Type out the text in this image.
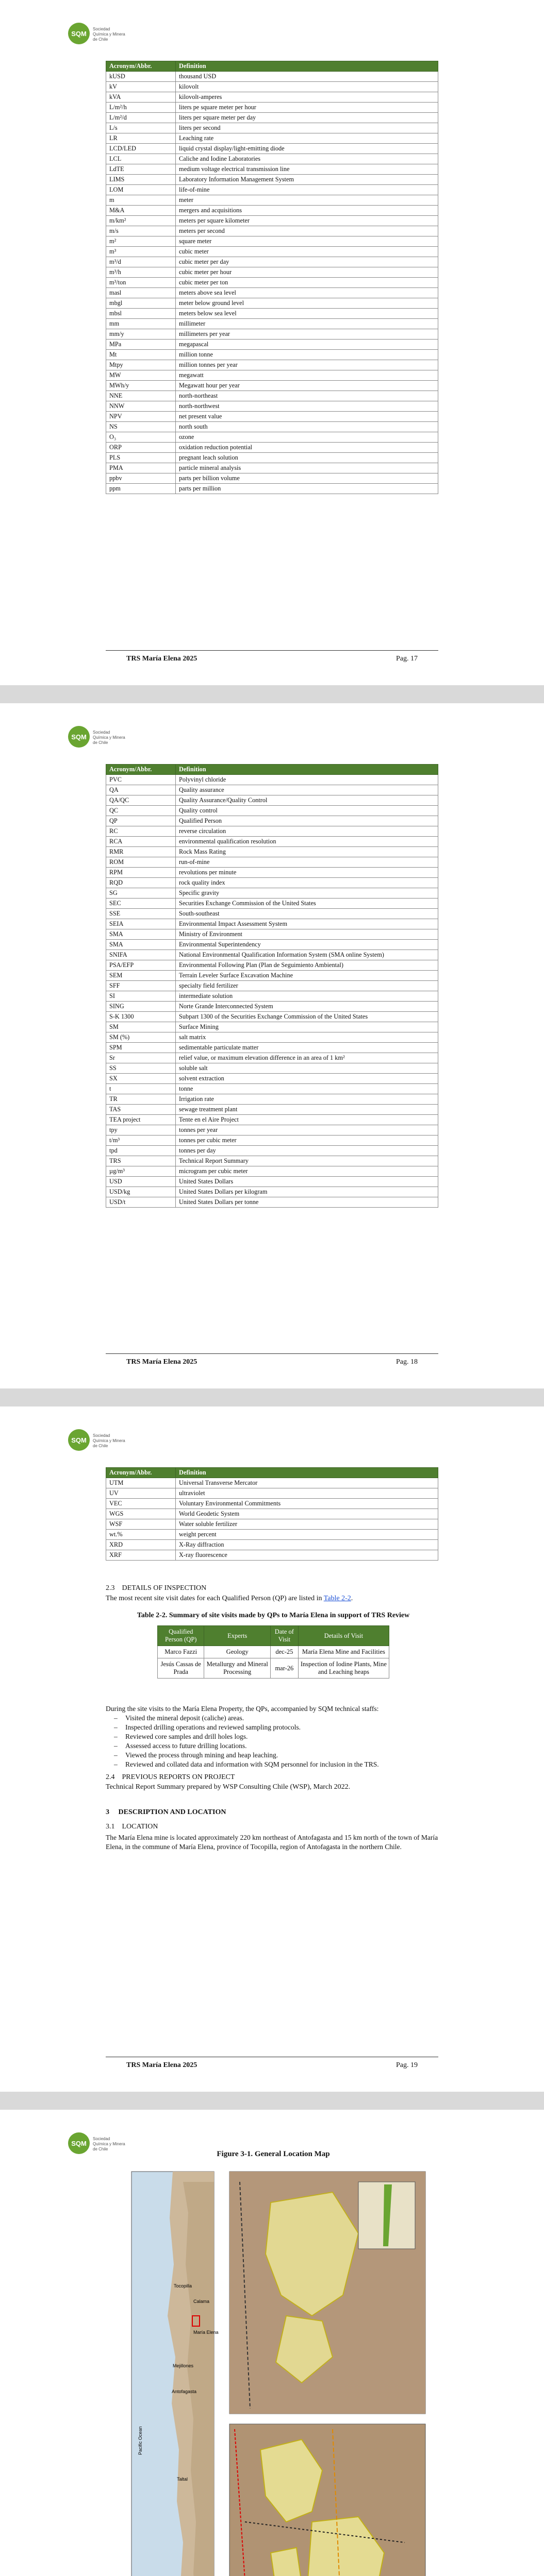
SQM
Sociedad
Química y Minera
de Chile
Acronym/Abbr.	Definition
kUSD	thousand USD
kV	kilovolt
kVA	kilovolt-amperes
L/m²/h	liters pe square meter per hour
L/m²/d	liters per square meter per day
L/s	liters per second
LR	Leaching rate
LCD/LED	liquid crystal display/light-emitting diode
LCL	Caliche and Iodine Laboratories
LdTE	medium voltage electrical transmission line
LIMS	Laboratory Information Management System
LOM	life-of-mine
m	meter
M&A	mergers and acquisitions
m/km²	meters per square kilometer
m/s	meters per second
m²	square meter
m³	cubic meter
m³/d	cubic meter per day
m³/h	cubic meter per hour
m³/ton	cubic meter per ton
masl	meters above sea level
mbgl	meter below ground level
mbsl	meters below sea level
mm	millimeter
mm/y	millimeters per year
MPa	megapascal
Mt	million tonne
Mtpy	million tonnes per year
MW	megawatt
MWh/y	Megawatt hour per year
NNE	north-northeast
NNW	north-northwest
NPV	net present value
NS	north south
O₃	ozone
ORP	oxidation reduction potential
PLS	pregnant leach solution
PMA	particle mineral analysis
ppbv	parts per billion volume
ppm	parts per million
TRS María Elena 2025	Pag. 17
SQM
Sociedad
Química y Minera
de Chile
Acronym/Abbr.	Definition
PVC	Polyvinyl chloride
QA	Quality assurance
QA/QC	Quality Assurance/Quality Control
QC	Quality control
QP	Qualified Person
RC	reverse circulation
RCA	environmental qualification resolution
RMR	Rock Mass Rating
ROM	run-of-mine
RPM	revolutions per minute
RQD	rock quality index
SG	Specific gravity
SEC	Securities Exchange Commission of the United States
SSE	South-southeast
SEIA	Environmental Impact Assessment System
SMA	Ministry of Environment
SMA	Environmental Superintendency
SNIFA	National Environmental Qualification Information System (SMA online System)
PSA/EFP	Environmental Following Plan (Plan de Seguimiento Ambiental)
SEM	Terrain Leveler Surface Excavation Machine
SFF	specialty field fertilizer
SI	intermediate solution
SING	Norte Grande Interconnected System
S-K 1300	Subpart 1300 of the Securities Exchange Commission of the United States
SM	Surface Mining
SM (%)	salt matrix
SPM	sedimentable particulate matter
Sr	relief value, or maximum elevation difference in an area of 1 km²
SS	soluble salt
SX	solvent extraction
t	tonne
TR	Irrigation rate
TAS	sewage treatment plant
TEA project	Tente en el Aire Project
tpy	tonnes per year
t/m³	tonnes per cubic meter
tpd	tonnes per day
TRS	Technical Report Summary
µg/m³	microgram per cubic meter
USD	United States Dollars
USD/kg	United States Dollars per kilogram
USD/t	United States Dollars per tonne
TRS María Elena 2025	Pag. 18
SQM
Sociedad
Química y Minera
de Chile
Acronym/Abbr.	Definition
UTM	Universal Transverse Mercator
UV	ultraviolet
VEC	Voluntary Environmental Commitments
WGS	World Geodetic System
WSF	Water soluble fertilizer
wt.%	weight percent
XRD	X-Ray diffraction
XRF	X-ray fluorescence
2.3    DETAILS OF INSPECTION
The most recent site visit dates for each Qualified Person (QP) are listed in Table 2-2.
Table 2-2. Summary of site visits made by QPs to María Elena in support of TRS Review
Qualified Person (QP)	Experts	Date of Visit	Details of Visit
Marco Fazzi	Geology	dec-25	María Elena Mine and Facilities
Jesús Cassas de Prada	Metallurgy and Mineral Processing	mar-26	Inspection of Iodine Plants, Mine and Leaching heaps
During the site visits to the María Elena Property, the QPs, accompanied by SQM technical staffs:
– Visited the mineral deposit (caliche) areas.
– Inspected drilling operations and reviewed sampling protocols.
– Reviewed core samples and drill holes logs.
– Assessed access to future drilling locations.
– Viewed the process through mining and heap leaching.
– Reviewed and collated data and information with SQM personnel for inclusion in the TRS.
2.4    PREVIOUS REPORTS ON PROJECT
Technical Report Summary prepared by WSP Consulting Chile (WSP), March 2022.
3     DESCRIPTION AND LOCATION
3.1    LOCATION
The María Elena mine is located approximately 220 km northeast of Antofagasta and 15 km north of the town of María Elena, in the commune of María Elena, province of Tocopilla, region of Antofagasta in the northern Chile.
TRS María Elena 2025	Pag. 19
SQM
Sociedad
Química y Minera
de Chile
Figure 3-1. General Location Map
Tocopilla
María Elena
Antofagasta
Mejillones
Taltal
Calama
Pacific Ocean
